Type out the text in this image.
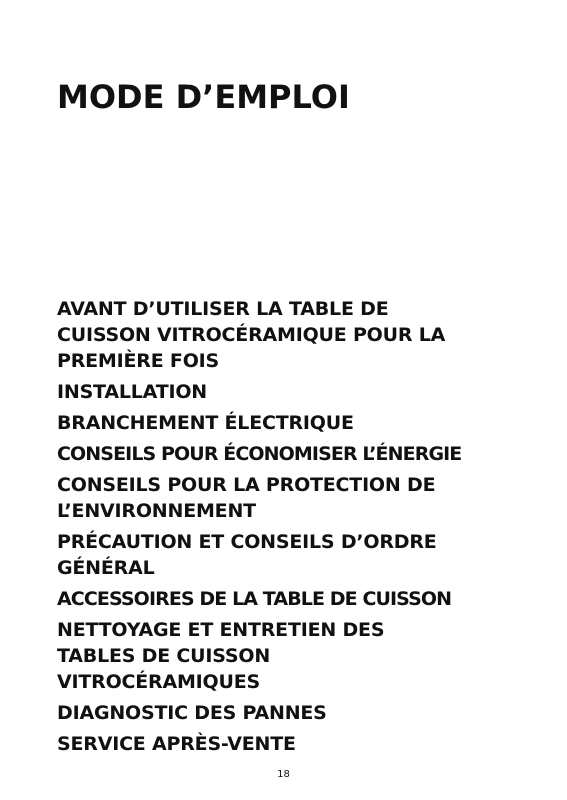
MODE D’EMPLOI
AVANT D’UTILISER LA TABLE DE
CUISSON VITROCÉRAMIQUE POUR LA
PREMIÈRE FOIS
INSTALLATION
BRANCHEMENT ÉLECTRIQUE
CONSEILS POUR ÉCONOMISER L’ÉNERGIE
CONSEILS POUR LA PROTECTION DE
L’ENVIRONNEMENT
PRÉCAUTION ET CONSEILS D’ORDRE
GÉNÉRAL
ACCESSOIRES DE LA TABLE DE CUISSON
NETTOYAGE ET ENTRETIEN DES
TABLES DE CUISSON
VITROCÉRAMIQUES
DIAGNOSTIC DES PANNES
SERVICE APRÈS-VENTE
18
